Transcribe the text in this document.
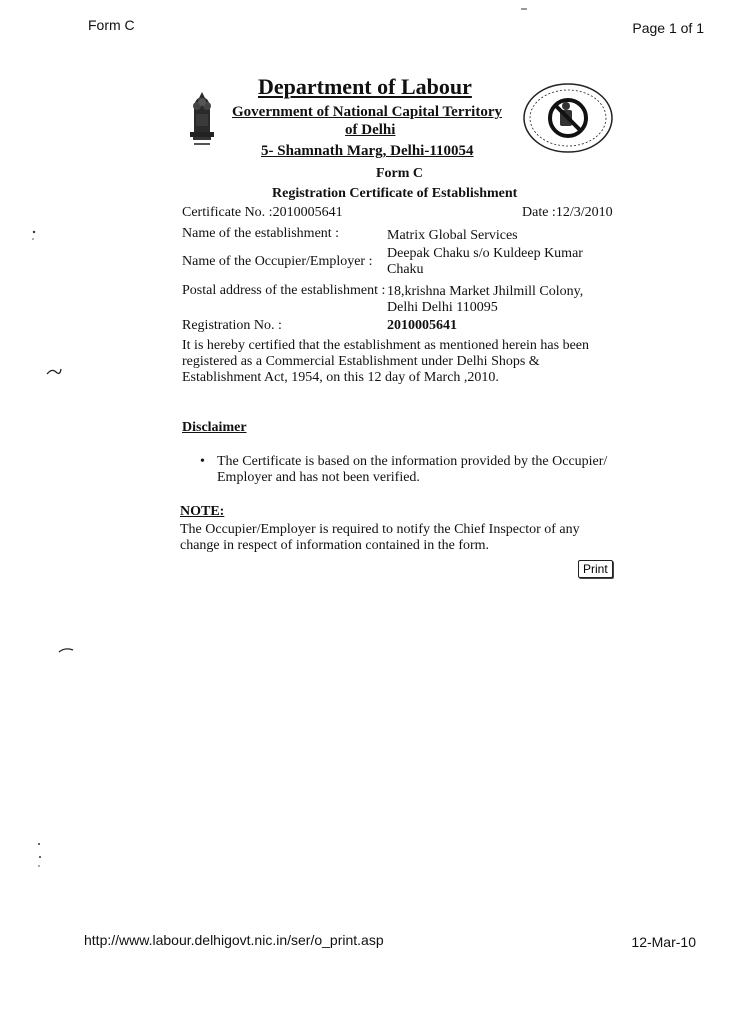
Form C	Page 1 of 1
Department of Labour
Government of National Capital Territory
of Delhi
5- Shamnath Marg, Delhi-110054
Form C
Registration Certificate of Establishment
Certificate No. :2010005641	Date :12/3/2010
Name of the establishment :	Matrix Global Services
Name of the Occupier/Employer :
Deepak Chaku s/o Kuldeep Kumar Chaku
Postal address of the establishment : 18,krishna Market Jhilmill Colony, Delhi Delhi 110095
Registration No. :	2010005641
It is hereby certified that the establishment as mentioned herein has been registered as a Commercial Establishment under Delhi Shops & Establishment Act, 1954, on this 12 day of March ,2010.
Disclaimer
• The Certificate is based on the information provided by the Occupier/ Employer and has not been verified.
NOTE:
The Occupier/Employer is required to notify the Chief Inspector of any change in respect of information contained in the form.
Print
http://www.labour.delhigovt.nic.in/ser/o_print.asp	12-Mar-10
